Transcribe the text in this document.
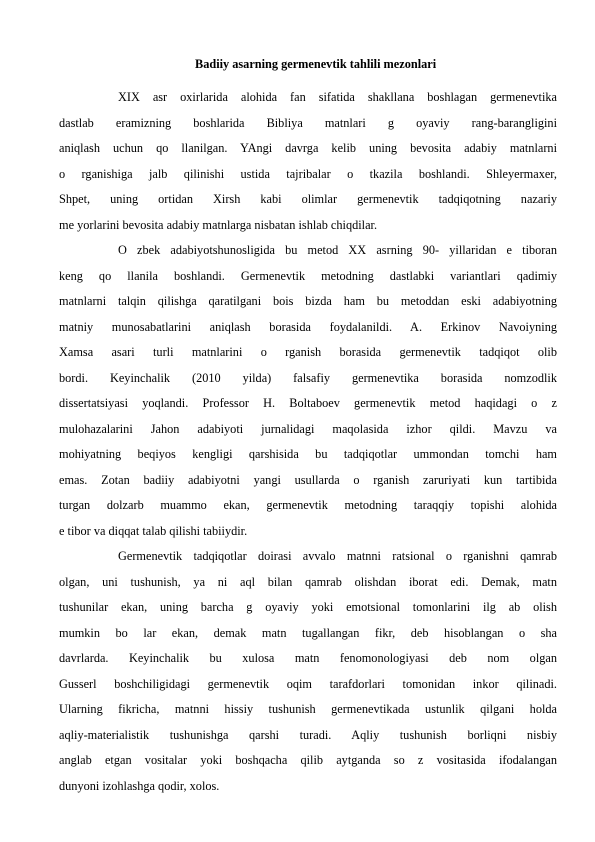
Badiiy asarning germenevtik tahlili mezonlari
XIX asr oxirlarida alohida fan sifatida shakllana boshlagan germenevtika
dastlab eramizning boshlarida Bibliya matnlari g oyaviy rang-barangligini
aniqlash uchun qo llanilgan. YAngi davrga kelib uning bevosita adabiy matnlarni
o rganishiga jalb qilinishi ustida tajribalar o tkazila boshlandi. Shleyermaxer,
Shpet, uning ortidan Xirsh kabi olimlar germenevtik tadqiqotning nazariy
me yorlarini bevosita adabiy matnlarga nisbatan ishlab chiqdilar.
O zbek adabiyotshunosligida bu metod XX asrning 90- yillaridan e tiboran
keng qo llanila boshlandi. Germenevtik metodning dastlabki variantlari qadimiy
matnlarni talqin qilishga qaratilgani bois bizda ham bu metoddan eski adabiyotning
matniy munosabatlarini aniqlash borasida foydalanildi. A. Erkinov Navoiyning
Xamsa asari turli matnlarini o rganish borasida germenevtik tadqiqot olib
bordi. Keyinchalik (2010 yilda) falsafiy germenevtika borasida nomzodlik
dissertatsiyasi yoqlandi. Professor H. Boltaboev germenevtik metod haqidagi o z
mulohazalarini Jahon adabiyoti jurnalidagi maqolasida izhor qildi. Mavzu va
mohiyatning beqiyos kengligi qarshisida bu tadqiqotlar ummondan tomchi ham
emas. Zotan badiiy adabiyotni yangi usullarda o rganish zaruriyati kun tartibida
turgan dolzarb muammo ekan, germenevtik metodning taraqqiy topishi alohida
e tibor va diqqat talab qilishi tabiiydir.
Germenevtik tadqiqotlar doirasi avvalo matnni ratsional o rganishni qamrab
olgan, uni tushunish, ya ni aql bilan qamrab olishdan iborat edi. Demak, matn
tushunilar ekan, uning barcha g oyaviy yoki emotsional tomonlarini ilg ab olish
mumkin bo lar ekan, demak matn tugallangan fikr, deb hisoblangan o sha
davrlarda. Keyinchalik bu xulosa matn fenomonologiyasi deb nom olgan
Gusserl boshchiligidagi germenevtik oqim tarafdorlari tomonidan inkor qilinadi.
Ularning fikricha, matnni hissiy tushunish germenevtikada ustunlik qilgani holda
aqliy-materialistik tushunishga qarshi turadi. Aqliy tushunish borliqni nisbiy
anglab etgan vositalar yoki boshqacha qilib aytganda so z vositasida ifodalangan
dunyoni izohlashga qodir, xolos.
